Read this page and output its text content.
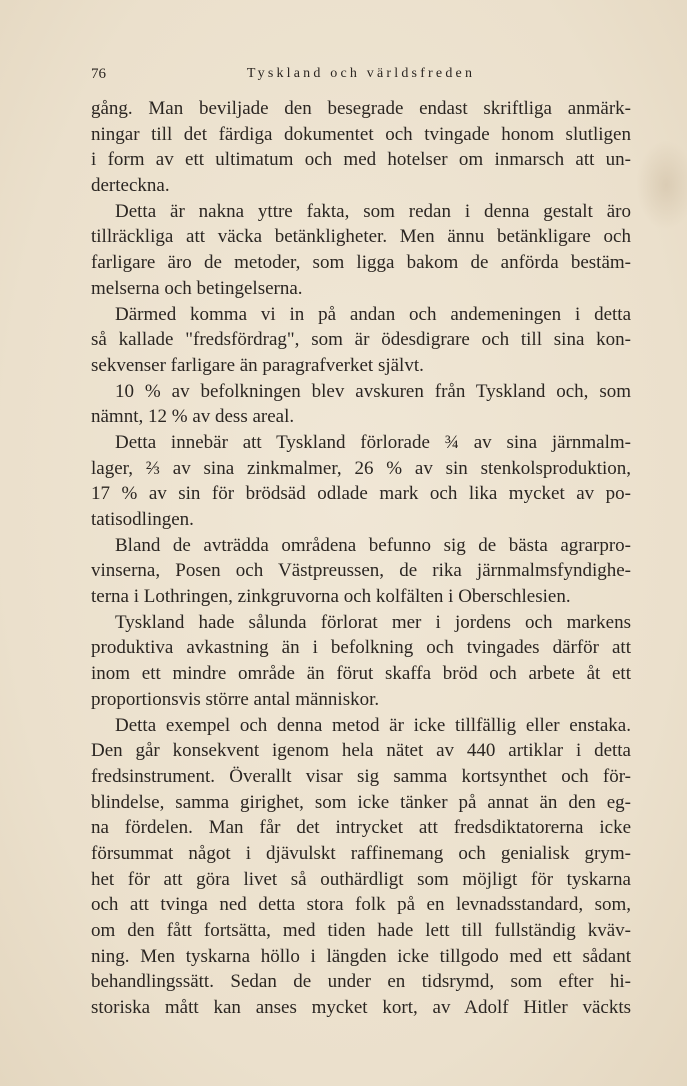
76	Tyskland och världsfreden
gång. Man beviljade den besegrade endast skriftliga anmärk-
ningar till det färdiga dokumentet och tvingade honom slutligen
i form av ett ultimatum och med hotelser om inmarsch att un-
derteckna.
Detta är nakna yttre fakta, som redan i denna gestalt äro
tillräckliga att väcka betänkligheter. Men ännu betänkligare och
farligare äro de metoder, som ligga bakom de anförda bestäm-
melserna och betingelserna.
Därmed komma vi in på andan och andemeningen i detta
så kallade "fredsfördrag", som är ödesdigrare och till sina kon-
sekvenser farligare än paragrafverket självt.
10 % av befolkningen blev avskuren från Tyskland och, som
nämnt, 12 % av dess areal.
Detta innebär att Tyskland förlorade ¾ av sina järnmalm-
lager, ⅔ av sina zinkmalmer, 26 % av sin stenkolsproduktion,
17 % av sin för brödsäd odlade mark och lika mycket av po-
tatisodlingen.
Bland de avträdda områdena befunno sig de bästa agrarpro-
vinserna, Posen och Västpreussen, de rika järnmalmsfyndighe-
terna i Lothringen, zinkgruvorna och kolfälten i Oberschlesien.
Tyskland hade sålunda förlorat mer i jordens och markens
produktiva avkastning än i befolkning och tvingades därför att
inom ett mindre område än förut skaffa bröd och arbete åt ett
proportionsvis större antal människor.
Detta exempel och denna metod är icke tillfällig eller enstaka.
Den går konsekvent igenom hela nätet av 440 artiklar i detta
fredsinstrument. Överallt visar sig samma kortsynthet och för-
blindelse, samma girighet, som icke tänker på annat än den eg-
na fördelen. Man får det intrycket att fredsdiktatorerna icke
försummat något i djävulskt raffinemang och genialisk grym-
het för att göra livet så outhärdligt som möjligt för tyskarna
och att tvinga ned detta stora folk på en levnadsstandard, som,
om den fått fortsätta, med tiden hade lett till fullständig kväv-
ning. Men tyskarna höllo i längden icke tillgodo med ett sådant
behandlingssätt. Sedan de under en tidsrymd, som efter hi-
storiska mått kan anses mycket kort, av Adolf Hitler väckts
